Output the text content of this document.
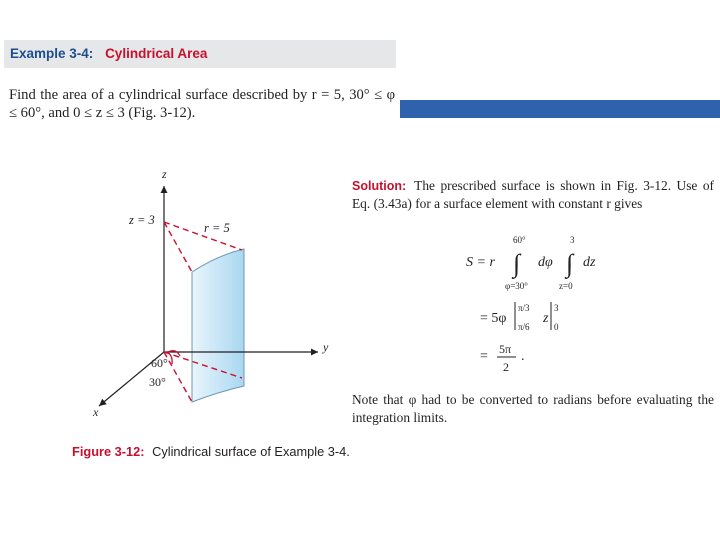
Example 3-4: Cylindrical Area
Find the area of a cylindrical surface described by r = 5, 30° ≤ φ ≤ 60°, and 0 ≤ z ≤ 3 (Fig. 3-12).
z
y
x
z = 3
r = 5
60°
30°
Figure 3-12: Cylindrical surface of Example 3-4.
Solution: The prescribed surface is shown in Fig. 3-12. Use of Eq. (3.43a) for a surface element with constant r gives
S = r
60°
∫
φ=30°
dφ
3
∫
z=0
dz
= 5φ
π/3
π/6
z
3
0
= 5π
2
.
Note that φ had to be converted to radians before evaluating the integration limits.
